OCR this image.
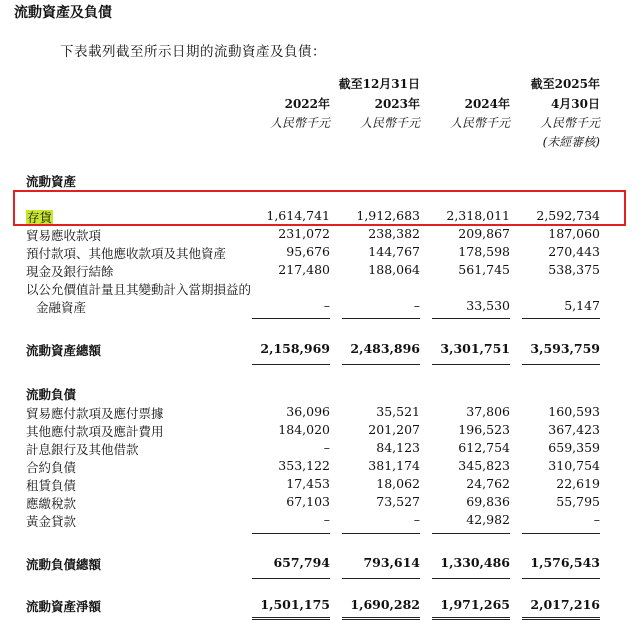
流動資產及負債
下表載列截至所示日期的流動資產及負債：
截至12月31日	截至2025年
2022年	2023年	2024年	4月30日
人民幣千元	人民幣千元	人民幣千元	人民幣千元
(未經審核)
流動資產
存貨	1,614,741	1,912,683	2,318,011	2,592,734
貿易應收款項	231,072	238,382	209,867	187,060
預付款項、其他應收款項及其他資產	95,676	144,767	178,598	270,443
現金及銀行結餘	217,480	188,064	561,745	538,375
以公允價值計量且其變動計入當期損益的
金融資產	–	–	33,530	5,147
流動資產總額	2,158,969	2,483,896	3,301,751	3,593,759
流動負債
貿易應付款項及應付票據	36,096	35,521	37,806	160,593
其他應付款項及應計費用	184,020	201,207	196,523	367,423
計息銀行及其他借款	–	84,123	612,754	659,359
合約負債	353,122	381,174	345,823	310,754
租賃負債	17,453	18,062	24,762	22,619
應繳稅款	67,103	73,527	69,836	55,795
黃金貸款	–	–	42,982	–
流動負債總額	657,794	793,614	1,330,486	1,576,543
流動資產淨額	1,501,175	1,690,282	1,971,265	2,017,216
